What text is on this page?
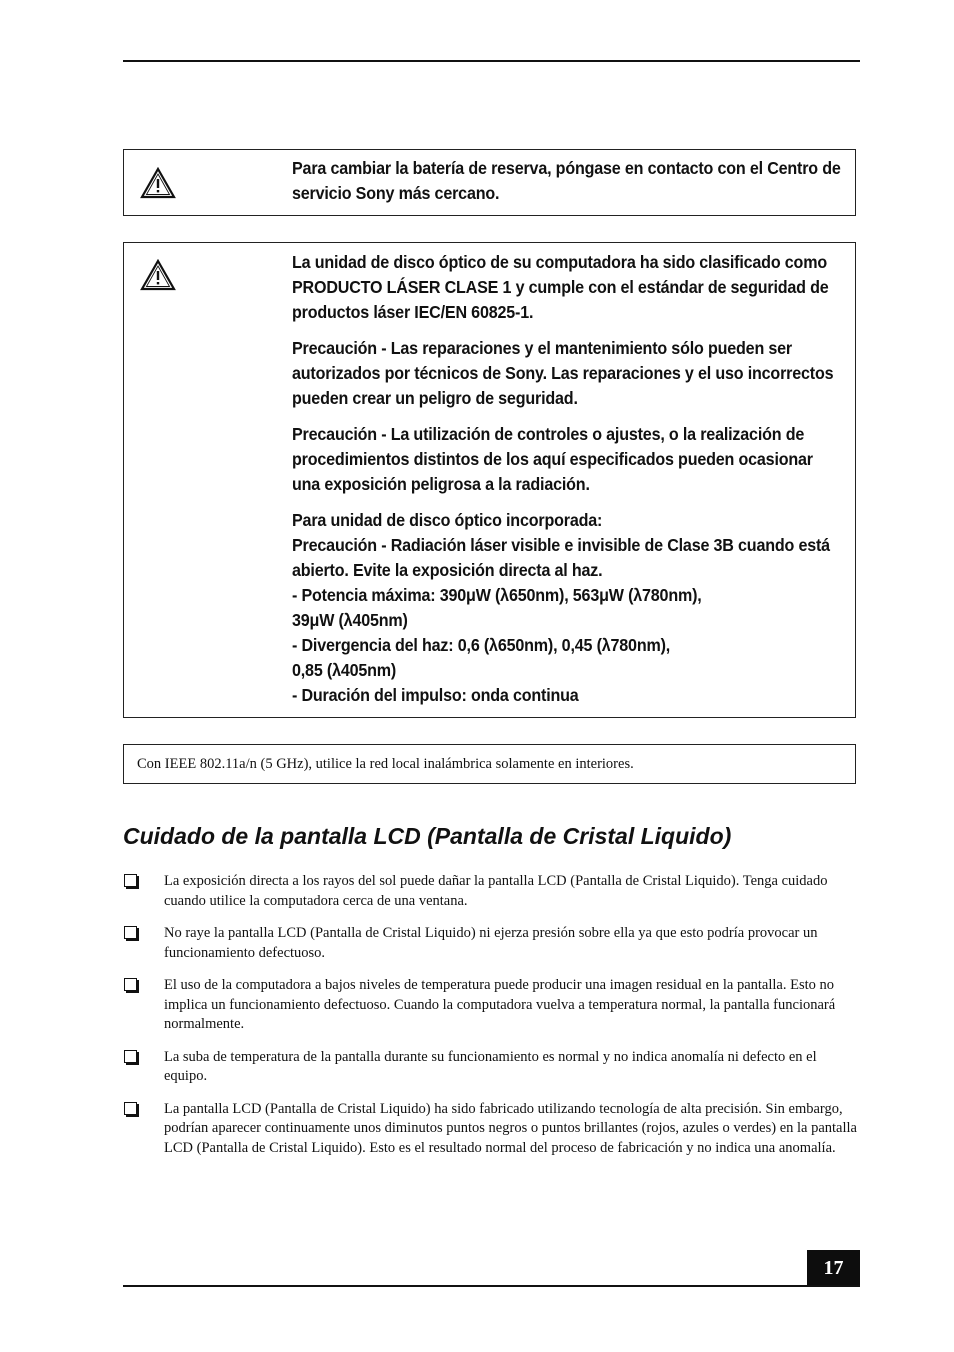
Para cambiar la batería de reserva, póngase en contacto con el Centro de servicio Sony más cercano.

La unidad de disco óptico de su computadora ha sido clasificado como PRODUCTO LÁSER CLASE 1 y cumple con el estándar de seguridad de productos láser IEC/EN 60825-1.

Precaución - Las reparaciones y el mantenimiento sólo pueden ser autorizados por técnicos de Sony. Las reparaciones y el uso incorrectos pueden crear un peligro de seguridad.

Precaución - La utilización de controles o ajustes, o la realización de procedimientos distintos de los aquí especificados pueden ocasionar una exposición peligrosa a la radiación.

Para unidad de disco óptico incorporada:
Precaución - Radiación láser visible e invisible de Clase 3B cuando está abierto. Evite la exposición directa al haz.
- Potencia máxima: 390μW (λ650nm), 563μW (λ780nm),
39μW (λ405nm)
- Divergencia del haz: 0,6 (λ650nm), 0,45 (λ780nm),
0,85 (λ405nm)
- Duración del impulso: onda continua

Con IEEE 802.11a/n (5 GHz), utilice la red local inalámbrica solamente en interiores.
Cuidado de la pantalla LCD (Pantalla de Cristal Liquido)
La exposición directa a los rayos del sol puede dañar la pantalla LCD (Pantalla de Cristal Liquido). Tenga cuidado cuando utilice la computadora cerca de una ventana.
No raye la pantalla LCD (Pantalla de Cristal Liquido) ni ejerza presión sobre ella ya que esto podría provocar un funcionamiento defectuoso.
El uso de la computadora a bajos niveles de temperatura puede producir una imagen residual en la pantalla. Esto no implica un funcionamiento defectuoso. Cuando la computadora vuelva a temperatura normal, la pantalla funcionará normalmente.
La suba de temperatura de la pantalla durante su funcionamiento es normal y no indica anomalía ni defecto en el equipo.
La pantalla LCD (Pantalla de Cristal Liquido) ha sido fabricado utilizando tecnología de alta precisión. Sin embargo, podrían aparecer continuamente unos diminutos puntos negros o puntos brillantes (rojos, azules o verdes) en la pantalla LCD (Pantalla de Cristal Liquido). Esto es el resultado normal del proceso de fabricación y no indica una anomalía.
17
